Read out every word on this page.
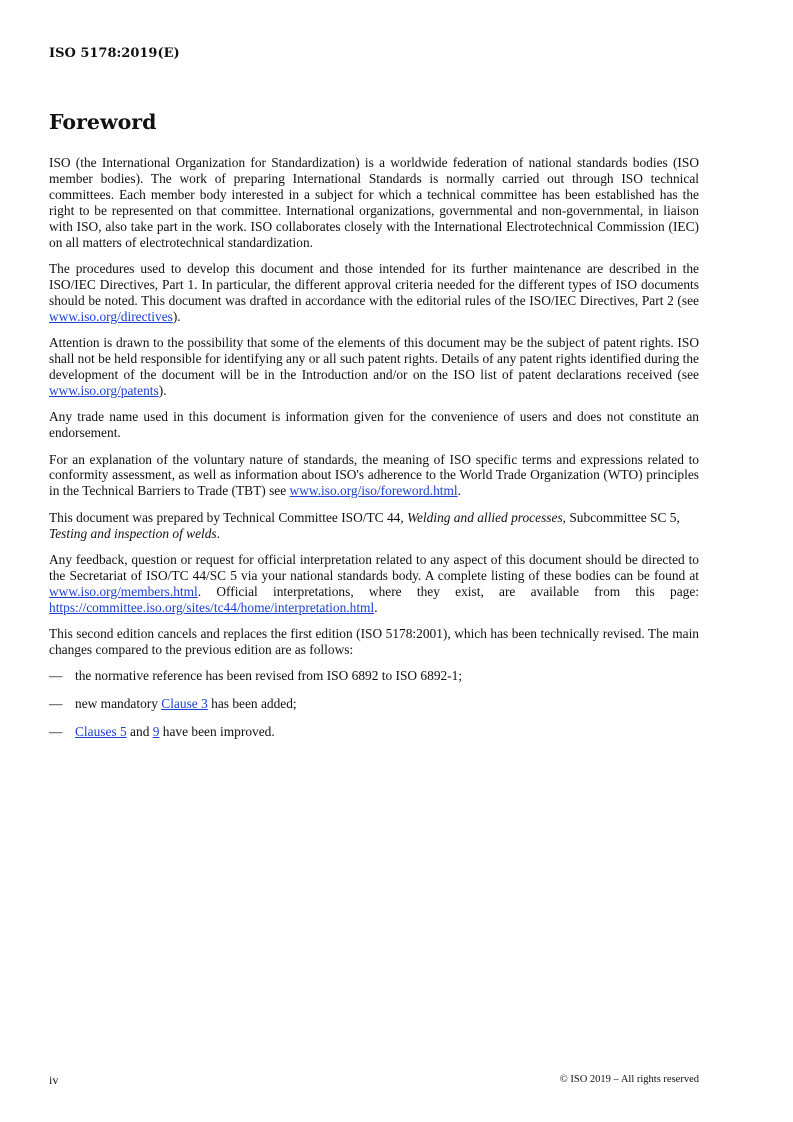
ISO 5178:2019(E)
Foreword

ISO (the International Organization for Standardization) is a worldwide federation of national standards bodies (ISO member bodies). The work of preparing International Standards is normally carried out through ISO technical committees. Each member body interested in a subject for which a technical committee has been established has the right to be represented on that committee. International organizations, governmental and non-governmental, in liaison with ISO, also take part in the work. ISO collaborates closely with the International Electrotechnical Commission (IEC) on all matters of electrotechnical standardization.

The procedures used to develop this document and those intended for its further maintenance are described in the ISO/IEC Directives, Part 1. In particular, the different approval criteria needed for the different types of ISO documents should be noted. This document was drafted in accordance with the editorial rules of the ISO/IEC Directives, Part 2 (see www.iso.org/directives).

Attention is drawn to the possibility that some of the elements of this document may be the subject of patent rights. ISO shall not be held responsible for identifying any or all such patent rights. Details of any patent rights identified during the development of the document will be in the Introduction and/or on the ISO list of patent declarations received (see www.iso.org/patents).

Any trade name used in this document is information given for the convenience of users and does not constitute an endorsement.

For an explanation of the voluntary nature of standards, the meaning of ISO specific terms and expressions related to conformity assessment, as well as information about ISO's adherence to the World Trade Organization (WTO) principles in the Technical Barriers to Trade (TBT) see www.iso.org/iso/foreword.html.

This document was prepared by Technical Committee ISO/TC 44, Welding and allied processes, Subcommittee SC 5, Testing and inspection of welds.

Any feedback, question or request for official interpretation related to any aspect of this document should be directed to the Secretariat of ISO/TC 44/SC 5 via your national standards body. A complete listing of these bodies can be found at www.iso.org/members.html. Official interpretations, where they exist, are available from this page: https://committee.iso.org/sites/tc44/home/interpretation.html.

This second edition cancels and replaces the first edition (ISO 5178:2001), which has been technically revised. The main changes compared to the previous edition are as follows:

— the normative reference has been revised from ISO 6892 to ISO 6892-1;
— new mandatory Clause 3 has been added;
— Clauses 5 and 9 have been improved.
iv	© ISO 2019 – All rights reserved
